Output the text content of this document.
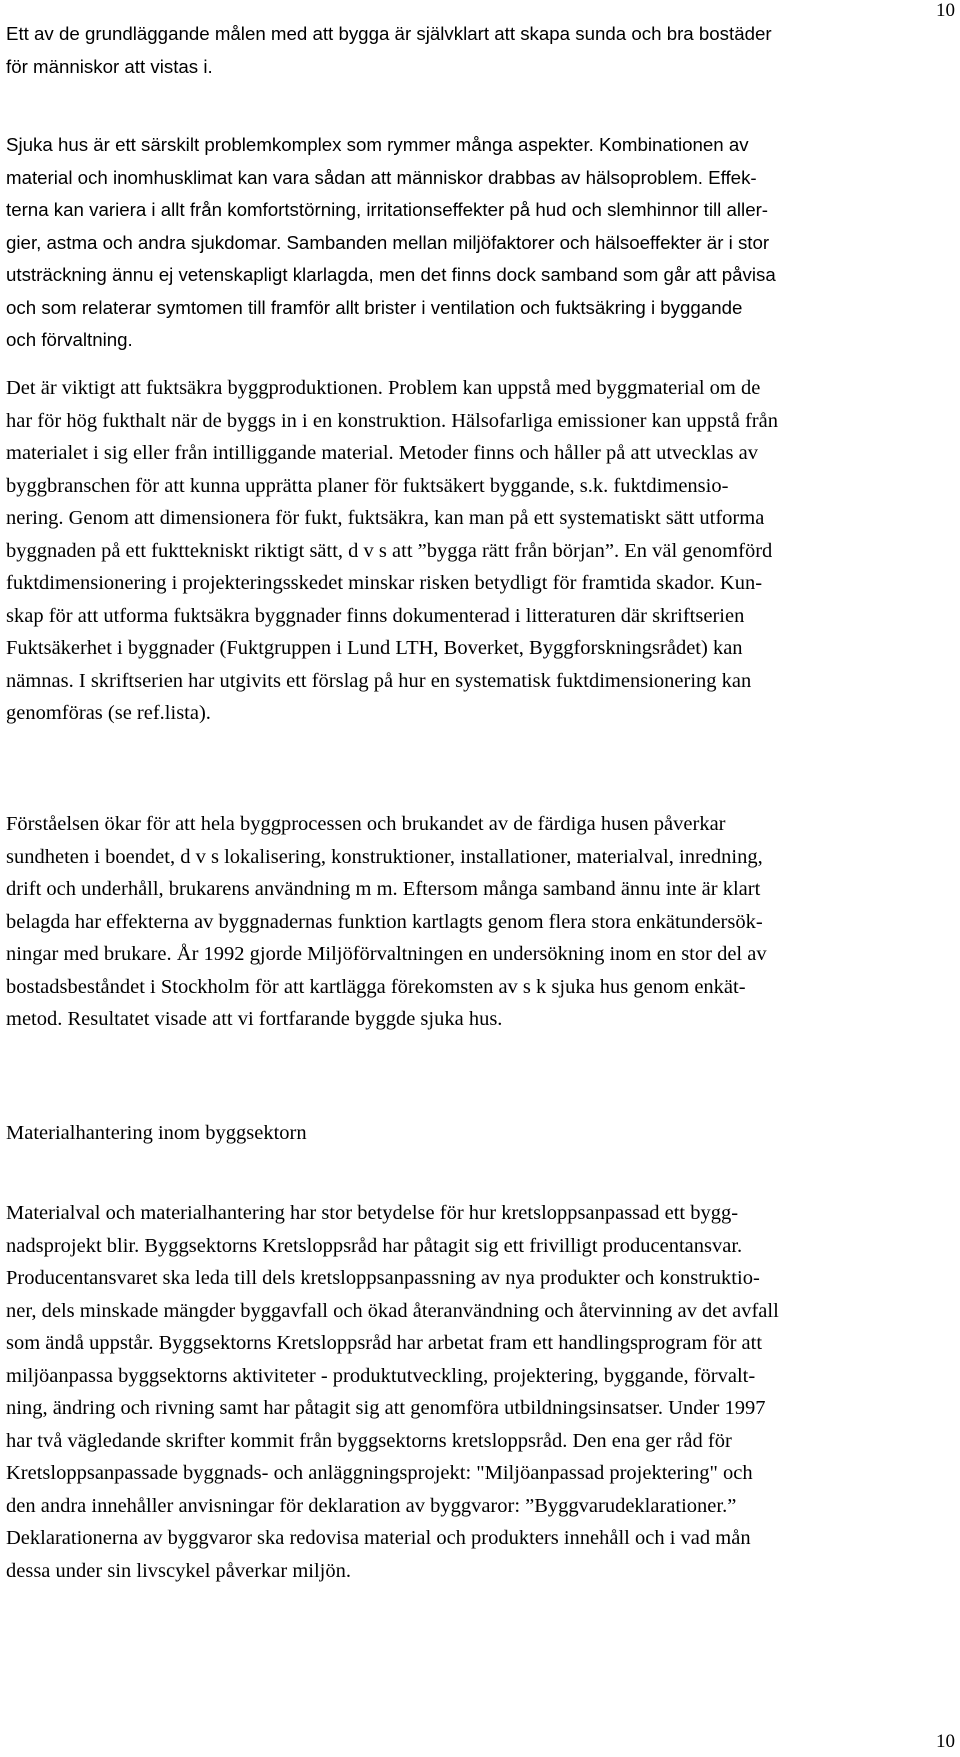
10

Ett av de grundläggande målen med att bygga är självklart att skapa sunda och bra bostäder
för människor att vistas i.

Sjuka hus är ett särskilt problemkomplex som rymmer många aspekter. Kombinationen av
material och inomhusklimat kan vara sådan att människor drabbas av hälsoproblem. Effek-
terna kan variera i allt från komfortstörning, irritationseffekter på hud och slemhinnor till aller-
gier, astma och andra sjukdomar. Sambanden mellan miljöfaktorer och hälsoeffekter är i stor
utsträckning ännu ej vetenskapligt klarlagda, men det finns dock samband som går att påvisa
och som relaterar symtomen till framför allt brister i ventilation och fuktsäkring i byggande
och förvaltning.

Det är viktigt att fuktsäkra byggproduktionen. Problem kan uppstå med byggmaterial om de
har för hög fukthalt när de byggs in i en konstruktion. Hälsofarliga emissioner kan uppstå från
materialet i sig eller från intilliggande material. Metoder finns och håller på att utvecklas av
byggbranschen för att kunna upprätta planer för fuktsäkert byggande, s.k. fuktdimensio-
nering. Genom att dimensionera för fukt, fuktsäkra, kan man på ett systematiskt sätt utforma
byggnaden på ett fukttekniskt riktigt sätt, d v s att ”bygga rätt från början”. En väl genomförd
fuktdimensionering i projekteringsskedet minskar risken betydligt för framtida skador. Kun-
skap för att utforma fuktsäkra byggnader finns dokumenterad i litteraturen där skriftserien
Fuktsäkerhet i byggnader (Fuktgruppen i Lund LTH, Boverket, Byggforskningsrådet) kan
nämnas. I skriftserien har utgivits ett förslag på hur en systematisk fuktdimensionering kan
genomföras (se ref.lista).

Förståelsen ökar för att hela byggprocessen och brukandet av de färdiga husen påverkar
sundheten i boendet, d v s lokalisering, konstruktioner, installationer, materialval, inredning,
drift och underhåll, brukarens användning m m. Eftersom många samband ännu inte är klart
belagda har effekterna av byggnadernas funktion kartlagts genom flera stora enkätundersök-
ningar med brukare. År 1992 gjorde Miljöförvaltningen en undersökning inom en stor del av
bostadsbeståndet i Stockholm för att kartlägga förekomsten av s k sjuka hus genom enkät-
metod. Resultatet visade att vi fortfarande byggde sjuka hus.

Materialhantering inom byggsektorn

Materialval och materialhantering har stor betydelse för hur kretsloppsanpassad ett bygg-
nadsprojekt blir. Byggsektorns Kretsloppsråd har påtagit sig ett frivilligt producentansvar.
Producentansvaret ska leda till dels kretsloppsanpassning av nya produkter och konstruktio-
ner, dels minskade mängder byggavfall och ökad återanvändning och återvinning av det avfall
som ändå uppstår. Byggsektorns Kretsloppsråd har arbetat fram ett handlingsprogram för att
miljöanpassa byggsektorns aktiviteter - produktutveckling, projektering, byggande, förvalt-
ning, ändring och rivning samt har påtagit sig att genomföra utbildningsinsatser. Under 1997
har två vägledande skrifter kommit från byggsektorns kretsloppsråd. Den ena ger råd för
Kretsloppsanpassade byggnads- och anläggningsprojekt: "Miljöanpassad projektering" och
den andra innehåller anvisningar för deklaration av byggvaror: ”Byggvarudeklarationer.”
Deklarationerna av byggvaror ska redovisa material och produkters innehåll och i vad mån
dessa under sin livscykel påverkar miljön.

10
